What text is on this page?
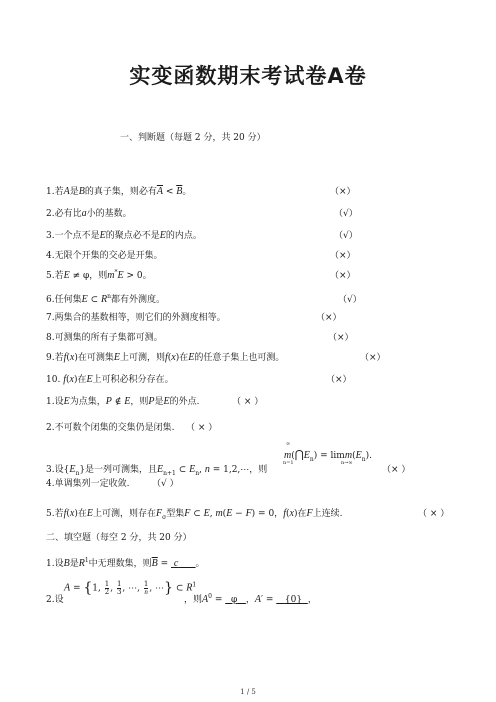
实变函数期末考试卷A卷
一、判断题（每题 2 分，共 20 分）
1.若A是B的真子集，则必有$\overline{A} < \overline{B}$。	（×）
2.必有比a小的基数。	（√）
3.一个点不是E的聚点必不是E的内点。	（√）
4.无限个开集的交必是开集。	（×）
5.若E ≠ φ，则m*E > 0。	（×）
6.任何集E ⊂ $R^n$都有外测度。	（√）
7.两集合的基数相等，则它们的外测度相等。	（×）
8.可测集的所有子集都可测。	（×）
9.若f(x)在可测集E上可测，则f(x)在E的任意子集上也可测。	（×）
10. f(x)在E上可积必积分存在。	（×）
1.设E为点集，P ∉ E，则P是E的外点.	（ × ）
2.不可数个闭集的交集仍是闭集. （ × ）
3.设$\{E_n\}$是一列可测集，且$E_{n+1}$ ⊂ $E_n$, n = 1,2,⋯，则
$m(⋂E_n) = \lim m(E_n)$.
∞
n=1	n→∞
（× ）
4.单调集列一定收敛.	（√ ）
5.若f(x)在E上可测，则存在$F_\sigma$型集F ⊂ E, m(E − F) = 0，f(x)在F上连续.	（ × ）
二、填空题（每空 2 分，共 20 分）
1.设B是$R^1$中无理数集，则$\overline{B} = c$ 。
2.设
A = {1, $\frac{1}{2}$ , $\frac{1}{3}$ , ⋯, $\frac{1}{n}$ , ⋯} ⊂ $R^1$
，则$A^0 = \varphi$ ，A′ =    {0} ，
1 / 5
